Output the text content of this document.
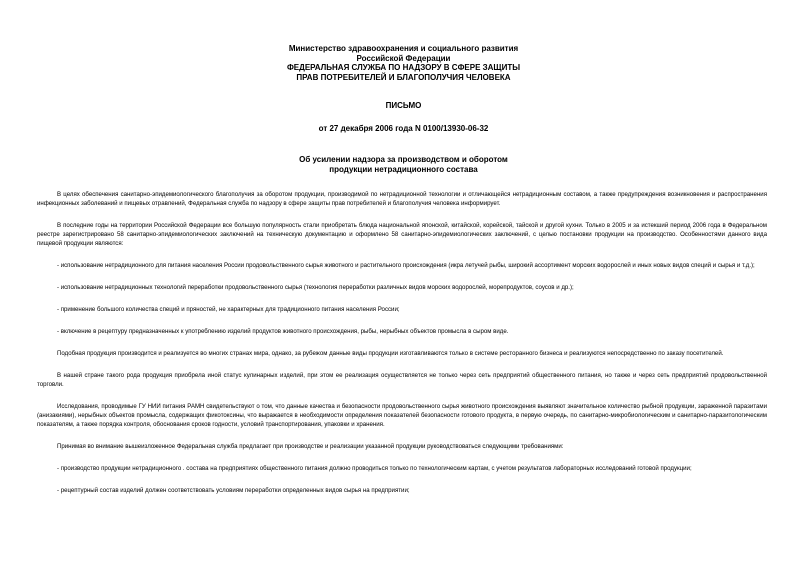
Министерство здравоохранения и социального развития
Российской Федерации
ФЕДЕРАЛЬНАЯ СЛУЖБА ПО НАДЗОРУ В СФЕРЕ ЗАЩИТЫ
ПРАВ ПОТРЕБИТЕЛЕЙ И БЛАГОПОЛУЧИЯ ЧЕЛОВЕКА
ПИСЬМО
от 27 декабря 2006 года N 0100/13930-06-32
Об усилении надзора за производством и оборотом
продукции нетрадиционного состава

В целях обеспечения санитарно-эпидемиологического благополучия за оборотом продукции, производимой по нетрадиционной технологии и отличающейся нетрадиционным составом, а также предупреждения возникновения и распространения инфекционных заболеваний и пищевых отравлений, Федеральная служба по надзору в сфере защиты прав потребителей и благополучия человека информирует.

В последние годы на территории Российской Федерации все большую популярность стали приобретать блюда национальной японской, китайской, корейской, тайской и другой кухни. Только в 2005 и за истекший период 2006 года в Федеральном реестре зарегистрировано 58 санитарно-эпидемиологических заключений на техническую документацию и оформлено 58 санитарно-эпидемиологических заключений, с целью постановки продукции на производство. Особенностями данного вида пищевой продукции являются:

- использование нетрадиционного для питания населения России продовольственного сырья животного и растительного происхождения (икра летучей рыбы, широкий ассортимент морских водорослей и иных новых видов специй и сырья и т.д.);

- использование нетрадиционных технологий переработки продовольственного сырья (технология переработки различных видов морских водорослей, морепродуктов, соусов и др.);

- применение большого количества специй и пряностей, не характерных для традиционного питания населения России;

- включение в рецептуру предназначенных к употреблению изделий продуктов животного происхождения, рыбы, нерыбных объектов промысла в сыром виде.

Подобная продукция производится и реализуется во многих странах мира, однако, за рубежом данные виды продукции изготавливаются только в системе ресторанного бизнеса и реализуются непосредственно по заказу посетителей.

В нашей стране такого рода продукция приобрела иной статус кулинарных изделий, при этом ее реализация осуществляется не только через сеть предприятий общественного питания, но также и через сеть предприятий продовольственной торговли.

Исследования, проводимые ГУ НИИ питания РАМН свидетельствуют о том, что данные качества и безопасности продовольственного сырья животного происхождения выявляют значительное количество рыбной продукции, зараженной паразитами (анизакиями), нерыбных объектов промысла, содержащих фикотоксины, что выражается в необходимости определения показателей безопасности готового продукта, в первую очередь, по санитарно-микробиологическим и санитарно-паразитологическим показателям, а также порядка контроля, обоснования сроков годности, условий транспортирования, упаковки и хранения.

Принимая во внимание вышеизложенное Федеральная служба предлагает при производстве и реализации указанной продукции руководствоваться следующими требованиями:

- производство продукции нетрадиционного . состава на предприятиях общественного питания должно проводиться только по технологическим картам, с учетом результатов лабораторных исследований готовой продукции;

- рецептурный состав изделий должен соответствовать условиям переработки определенных видов сырья на предприятии;
